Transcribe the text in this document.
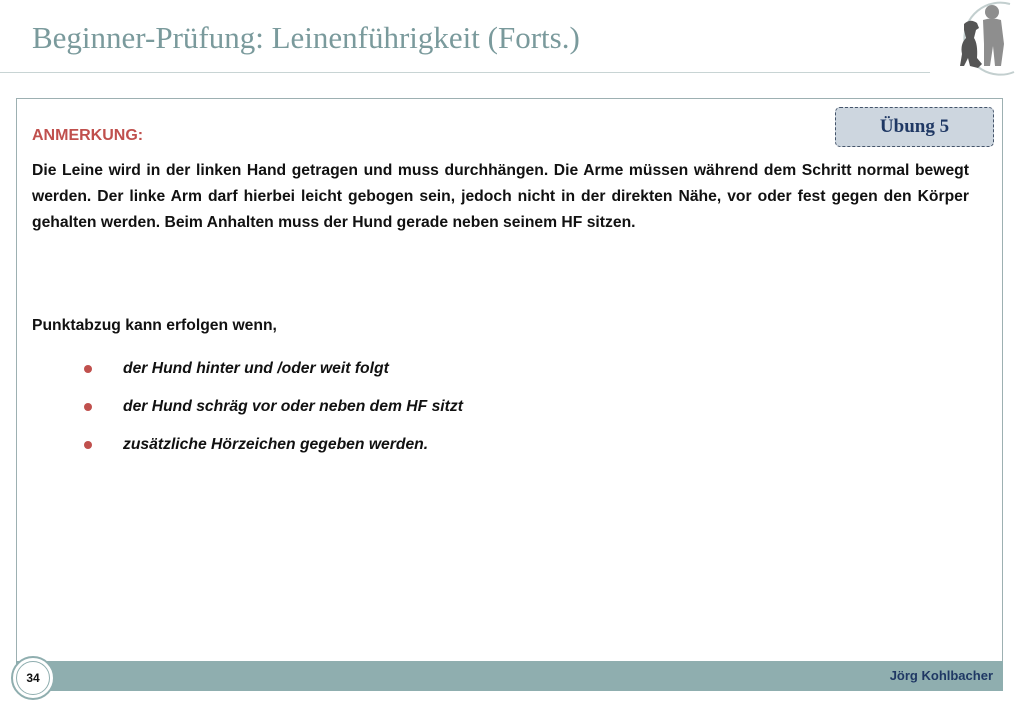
Beginner-Prüfung: Leinenführigkeit (Forts.)
Übung 5

ANMERKUNG:

Die Leine wird in der linken Hand getragen und muss durchhängen. Die Arme müssen während dem Schritt normal bewegt werden. Der linke Arm darf hierbei leicht gebogen sein, jedoch nicht in der direkten Nähe, vor oder fest gegen den Körper gehalten werden. Beim Anhalten muss der Hund gerade neben seinem HF sitzen.

Punktabzug kann erfolgen wenn,

der Hund hinter und /oder weit folgt
der Hund schräg vor oder neben dem HF sitzt
zusätzliche Hörzeichen gegeben werden.
Jörg Kohlbacher
34
